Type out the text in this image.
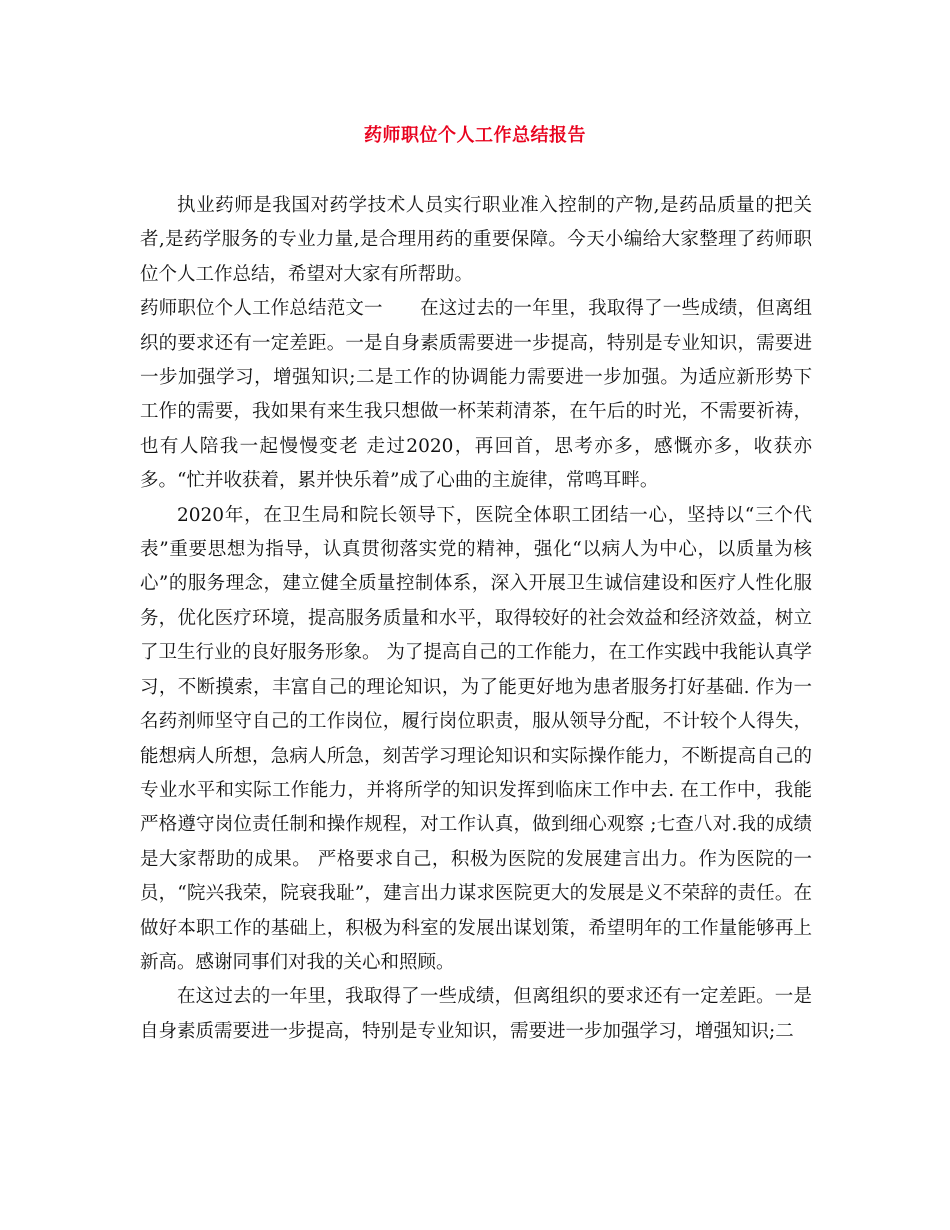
药师职位个人工作总结报告

执业药师是我国对药学技术人员实行职业准入控制的产物,是药品质量的把关者,是药学服务的专业力量,是合理用药的重要保障。今天小编给大家整理了药师职位个人工作总结，希望对大家有所帮助。

药师职位个人工作总结范文一　　在这过去的一年里，我取得了一些成绩，但离组织的要求还有一定差距。一是自身素质需要进一步提高，特别是专业知识，需要进一步加强学习，增强知识;二是工作的协调能力需要进一步加强。为适应新形势下工作的需要，我如果有来生我只想做一杯茉莉清茶，在午后的时光，不需要祈祷，也有人陪我一起慢慢变老 走过2020，再回首，思考亦多，感慨亦多，收获亦多。“忙并收获着，累并快乐着”成了心曲的主旋律，常鸣耳畔。

2020年，在卫生局和院长领导下，医院全体职工团结一心，坚持以“三个代表”重要思想为指导，认真贯彻落实党的精神，强化“以病人为中心，以质量为核心”的服务理念，建立健全质量控制体系，深入开展卫生诚信建设和医疗人性化服务，优化医疗环境，提高服务质量和水平，取得较好的社会效益和经济效益，树立了卫生行业的良好服务形象。 为了提高自己的工作能力，在工作实践中我能认真学习，不断摸索，丰富自己的理论知识，为了能更好地为患者服务打好基础. 作为一名药剂师坚守自己的工作岗位，履行岗位职责，服从领导分配，不计较个人得失，能想病人所想，急病人所急，刻苦学习理论知识和实际操作能力，不断提高自己的专业水平和实际工作能力，并将所学的知识发挥到临床工作中去. 在工作中，我能严格遵守岗位责任制和操作规程，对工作认真，做到细心观察 ;七查八对.我的成绩是大家帮助的成果。 严格要求自己，积极为医院的发展建言出力。作为医院的一员，“院兴我荣，院衰我耻”，建言出力谋求医院更大的发展是义不荣辞的责任。在做好本职工作的基础上，积极为科室的发展出谋划策，希望明年的工作量能够再上新高。感谢同事们对我的关心和照顾。

在这过去的一年里，我取得了一些成绩，但离组织的要求还有一定差距。一是自身素质需要进一步提高，特别是专业知识，需要进一步加强学习，增强知识;二
